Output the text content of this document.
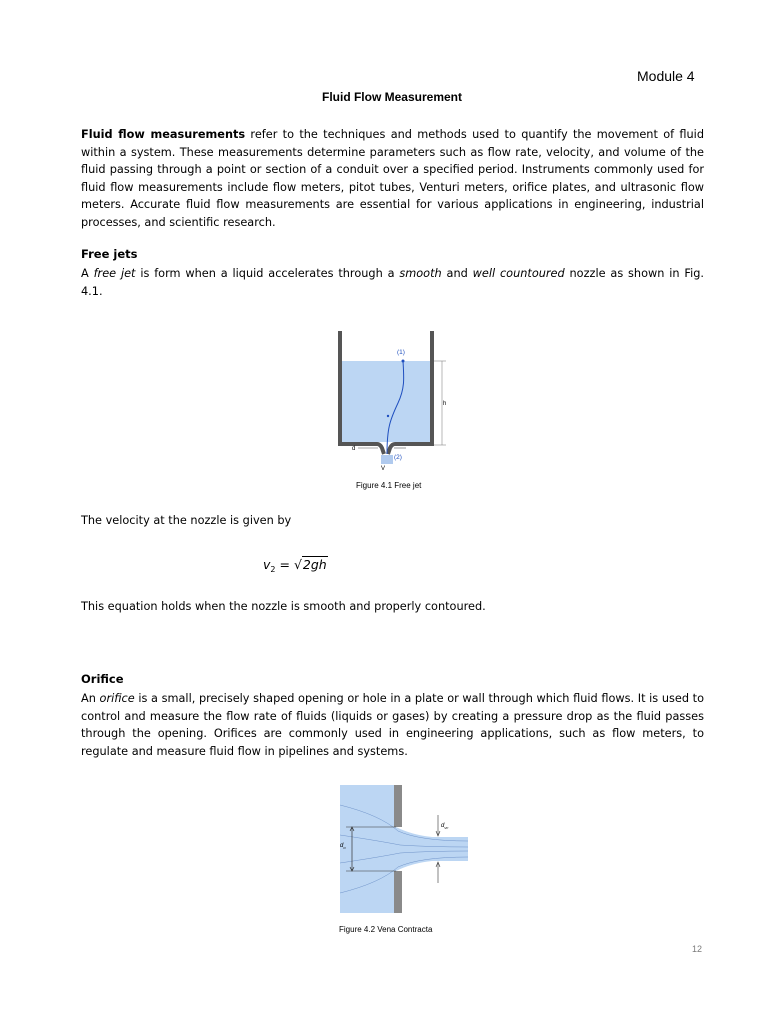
Module 4
Fluid Flow Measurement
Fluid flow measurements refer to the techniques and methods used to quantify the movement of fluid within a system. These measurements determine parameters such as flow rate, velocity, and volume of the fluid passing through a point or section of a conduit over a specified period. Instruments commonly used for fluid flow measurements include flow meters, pitot tubes, Venturi meters, orifice plates, and ultrasonic flow meters. Accurate fluid flow measurements are essential for various applications in engineering, industrial processes, and scientific research.
Free jets
A free jet is form when a liquid accelerates through a smooth and well countoured nozzle as shown in Fig. 4.1.
h
(1)
(2)
d
V
Figure 4.1 Free jet
The velocity at the nozzle is given by
$v_2 = √2gh$
This equation holds when the nozzle is smooth and properly contoured.
Orifice
An orifice is a small, precisely shaped opening or hole in a plate or wall through which fluid flows. It is used to control and measure the flow rate of fluids (liquids or gases) by creating a pressure drop as the fluid passes through the opening. Orifices are commonly used in engineering applications, such as flow meters, to regulate and measure fluid flow in pipelines and systems.
$d_o$
$d_{vc}$
Figure 4.2 Vena Contracta
12
